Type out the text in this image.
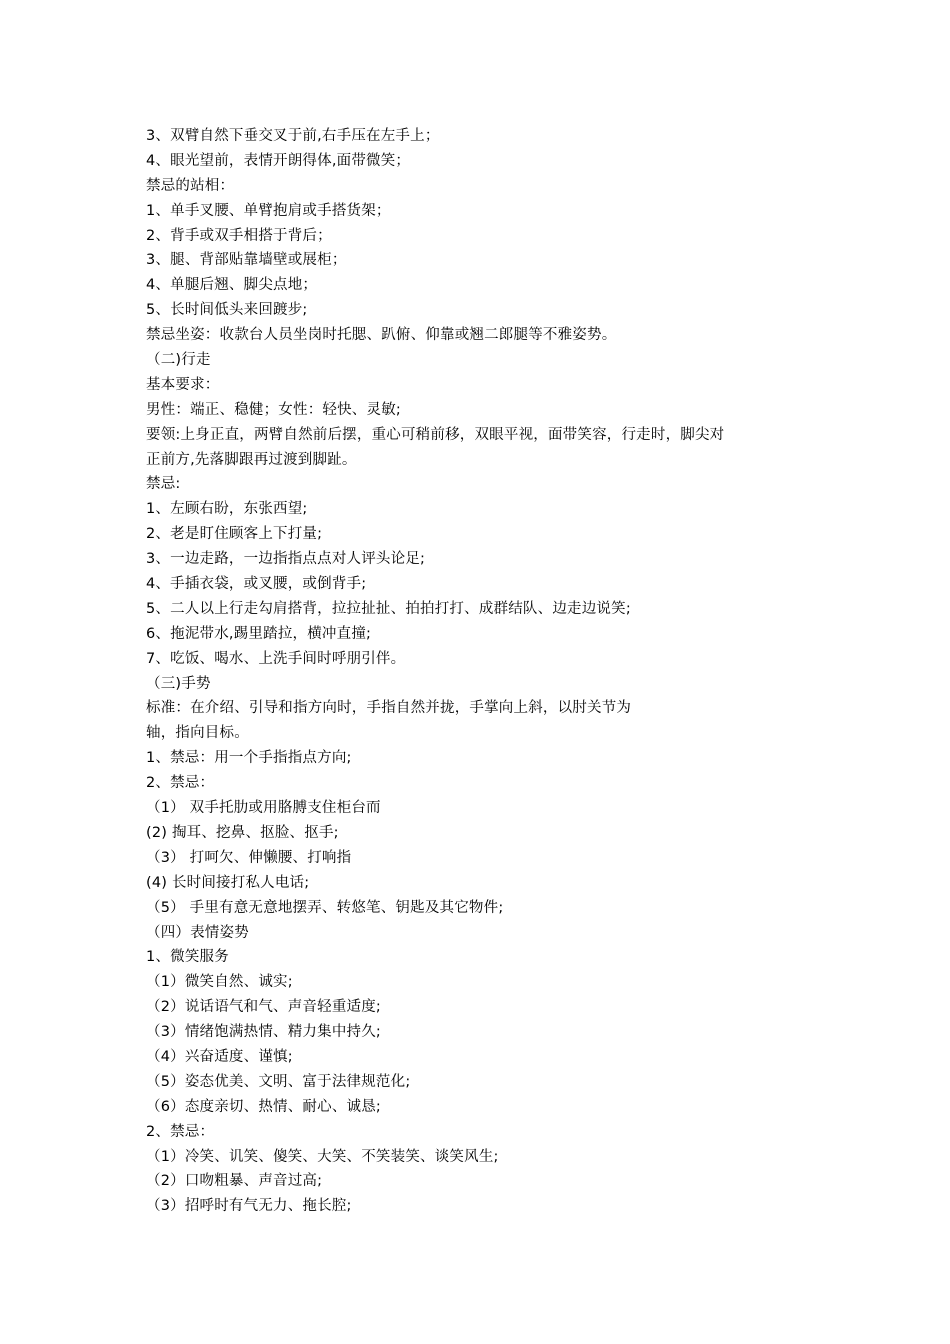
3、双臂自然下垂交叉于前,右手压在左手上；
4、眼光望前，表情开朗得体,面带微笑；
禁忌的站相：
1、单手叉腰、单臂抱肩或手搭货架；
2、背手或双手相搭于背后；
3、腿、背部贴靠墙壁或展柜；
4、单腿后翘、脚尖点地；
5、长时间低头来回踱步;
禁忌坐姿：收款台人员坐岗时托腮、趴俯、仰靠或翘二郎腿等不雅姿势。
（二)行走
基本要求：
男性：端正、稳健；女性：轻快、灵敏;
要领:上身正直，两臂自然前后摆，重心可稍前移，双眼平视，面带笑容，行走时，脚尖对
正前方,先落脚跟再过渡到脚趾。
禁忌:
1、左顾右盼，东张西望;
2、老是盯住顾客上下打量;
3、一边走路，一边指指点点对人评头论足;
4、手插衣袋，或叉腰，或倒背手;
5、二人以上行走勾肩搭背，拉拉扯扯、拍拍打打、成群结队、边走边说笑;
6、拖泥带水,踢里踏拉，横冲直撞;
7、吃饭、喝水、上洗手间时呼朋引伴。
（三)手势
标准：在介绍、引导和指方向时，手指自然并拢，手掌向上斜，以肘关节为
轴，指向目标。
1、禁忌：用一个手指指点方向;
2、禁忌：
（1） 双手托肋或用胳膊支住柜台而
(2) 掏耳、挖鼻、抠脸、抠手;
（3） 打呵欠、伸懒腰、打响指
(4) 长时间接打私人电话;
（5） 手里有意无意地摆弄、转悠笔、钥匙及其它物件;
（四）表情姿势
1、微笑服务
（1）微笑自然、诚实;
（2）说话语气和气、声音轻重适度;
（3）情绪饱满热情、精力集中持久;
（4）兴奋适度、谨慎;
（5）姿态优美、文明、富于法律规范化;
（6）态度亲切、热情、耐心、诚恳;
2、禁忌：
（1）冷笑、讥笑、傻笑、大笑、不笑装笑、谈笑风生;
（2）口吻粗暴、声音过高;
（3）招呼时有气无力、拖长腔;
